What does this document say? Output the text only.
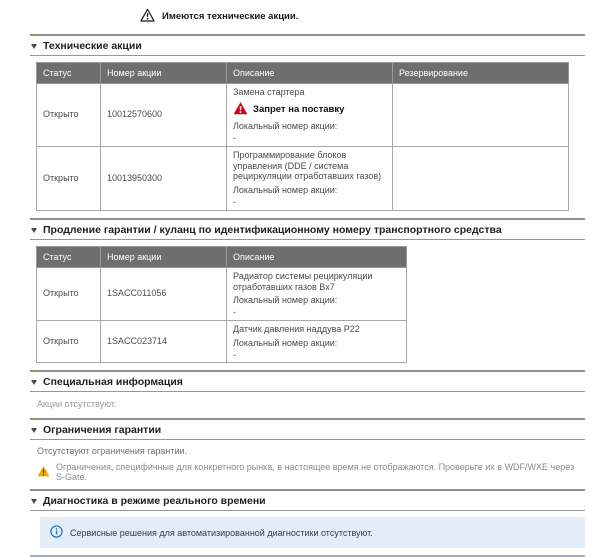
Имеются технические акции.
Технические акции
Статус	Номер акции	Описание	Резервирование
Открыто	10012570600	Замена стартера
Запрет на поставку
Локальный номер акции:
-	

Открыто	10013950300	Программирование блоков управления (DDE / система рециркуляции отработавших газов)
Локальный номер акции:
-	

Продление гарантии / куланц по идентификационному номеру транспортного средства
Статус	Номер акции	Описание
Открыто	1SACC011056	Радиатор системы рециркуляции отработавших газов Bx7
Локальный номер акции:
-

Открыто	1SACC023714	Датчик давления наддува P22
Локальный номер акции:
-
Специальная информация
Акции отсутствуют.
Ограничения гарантии
Отсутствуют ограничения гарантии.
Ограничения, специфичные для конкретного рынка, в настоящее время не отображаются. Проверьте их в WDF/WXE через S-Gate.
Диагностика в режиме реального времени
Сервисные решения для автоматизированной диагностики отсутствуют.
